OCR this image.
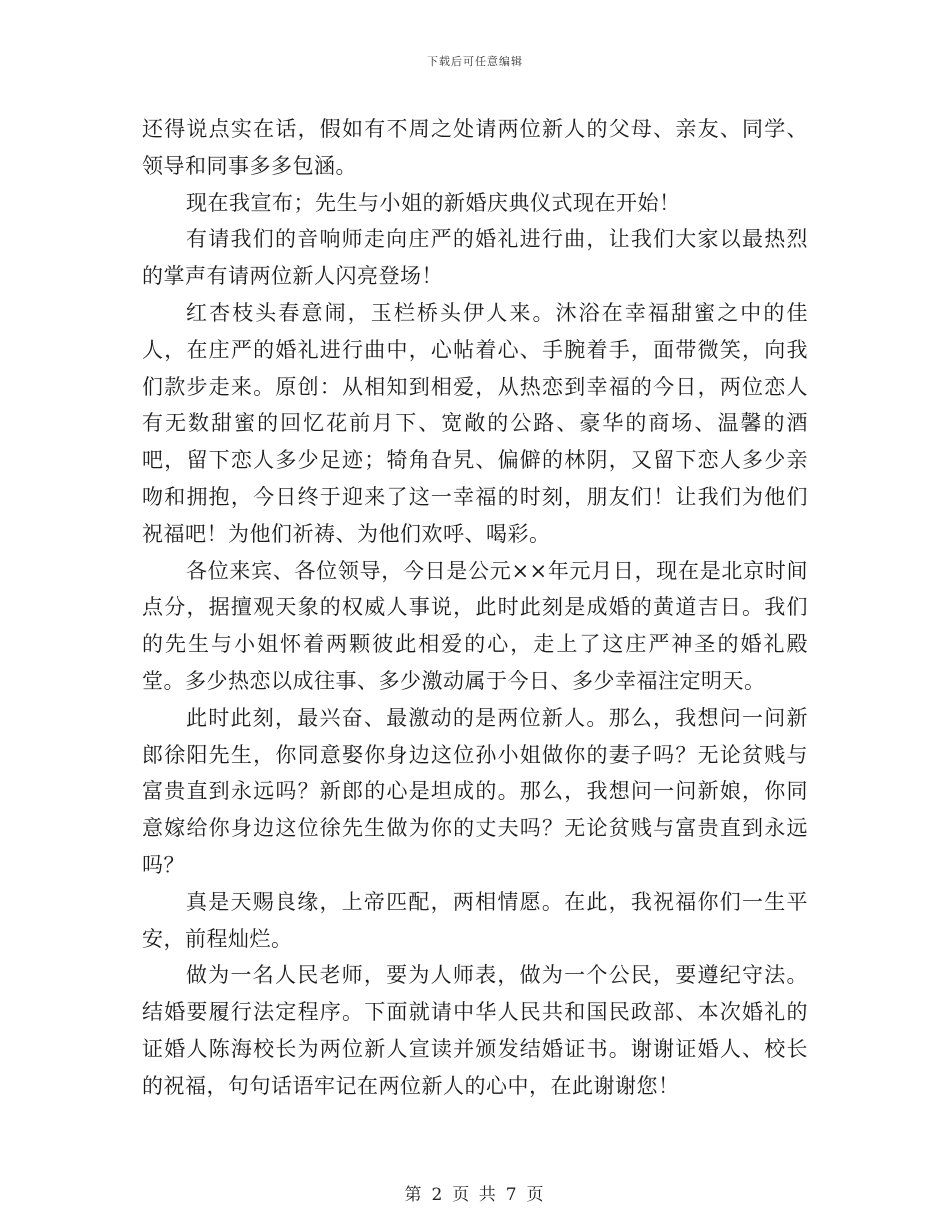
下载后可任意编辑

还得说点实在话，假如有不周之处请两位新人的父母、亲友、同学、领导和同事多多包涵。

现在我宣布；先生与小姐的新婚庆典仪式现在开始！

有请我们的音响师走向庄严的婚礼进行曲，让我们大家以最热烈的掌声有请两位新人闪亮登场！

红杏枝头春意闹，玉栏桥头伊人来。沐浴在幸福甜蜜之中的佳人，在庄严的婚礼进行曲中，心帖着心、手腕着手，面带微笑，向我们款步走来。原创：从相知到相爱，从热恋到幸福的今日，两位恋人有无数甜蜜的回忆花前月下、宽敞的公路、豪华的商场、温馨的酒吧，留下恋人多少足迹；犄角旮旯、偏僻的林阴，又留下恋人多少亲吻和拥抱，今日终于迎来了这一幸福的时刻，朋友们！让我们为他们祝福吧！为他们祈祷、为他们欢呼、喝彩。

各位来宾、各位领导，今日是公元××年元月日，现在是北京时间点分，据擅观天象的权威人事说，此时此刻是成婚的黄道吉日。我们的先生与小姐怀着两颗彼此相爱的心，走上了这庄严神圣的婚礼殿堂。多少热恋以成往事、多少激动属于今日、多少幸福注定明天。

此时此刻，最兴奋、最激动的是两位新人。那么，我想问一问新郎徐阳先生，你同意娶你身边这位孙小姐做你的妻子吗？无论贫贱与富贵直到永远吗？新郎的心是坦成的。那么，我想问一问新娘，你同意嫁给你身边这位徐先生做为你的丈夫吗？无论贫贱与富贵直到永远吗？

真是天赐良缘，上帝匹配，两相情愿。在此，我祝福你们一生平安，前程灿烂。

做为一名人民老师，要为人师表，做为一个公民，要遵纪守法。结婚要履行法定程序。下面就请中华人民共和国民政部、本次婚礼的证婚人陈海校长为两位新人宣读并颁发结婚证书。谢谢证婚人、校长的祝福，句句话语牢记在两位新人的心中，在此谢谢您！

第 2 页 共 7 页
